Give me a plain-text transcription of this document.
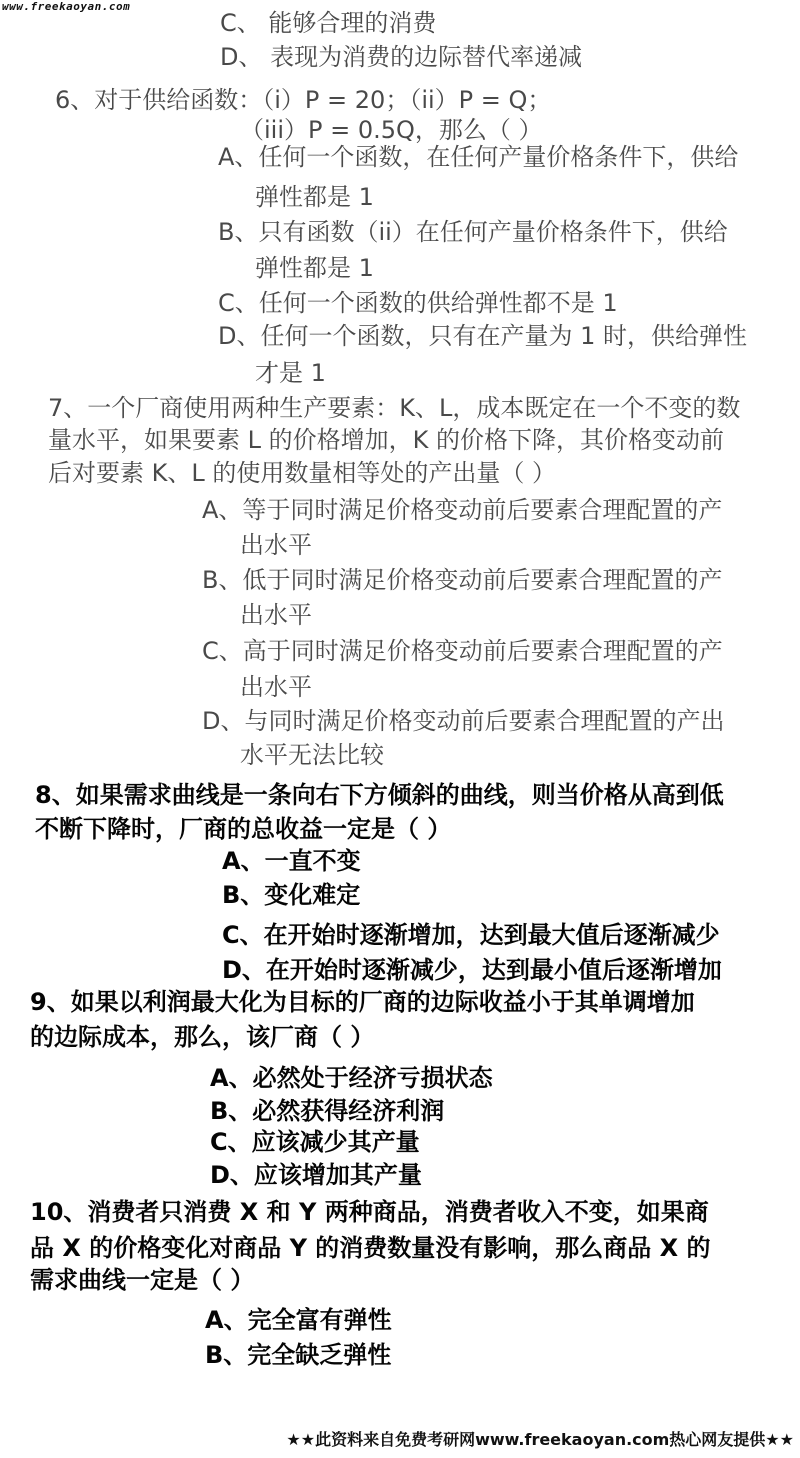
www.freekaoyan.com
C、 能够合理的消费
D、 表现为消费的边际替代率递减
6、对于供给函数：（i）P = 20；（ii）P = Q；
（iii）P = 0.5Q，那么（ ）
A、任何一个函数，在任何产量价格条件下，供给
弹性都是 1
B、只有函数（ii）在任何产量价格条件下，供给
弹性都是 1
C、任何一个函数的供给弹性都不是 1
D、任何一个函数，只有在产量为 1 时，供给弹性
才是 1
7、一个厂商使用两种生产要素：K、L，成本既定在一个不变的数
量水平，如果要素 L 的价格增加，K 的价格下降，其价格变动前
后对要素 K、L 的使用数量相等处的产出量（ ）
A、等于同时满足价格变动前后要素合理配置的产
出水平
B、低于同时满足价格变动前后要素合理配置的产
出水平
C、高于同时满足价格变动前后要素合理配置的产
出水平
D、与同时满足价格变动前后要素合理配置的产出
水平无法比较
8、如果需求曲线是一条向右下方倾斜的曲线，则当价格从高到低
不断下降时，厂商的总收益一定是（ ）
A、一直不变
B、变化难定
C、在开始时逐渐增加，达到最大值后逐渐减少
D、在开始时逐渐减少，达到最小值后逐渐增加
9、如果以利润最大化为目标的厂商的边际收益小于其单调增加
的边际成本，那么，该厂商（ ）
A、必然处于经济亏损状态
B、必然获得经济利润
C、应该减少其产量
D、应该增加其产量
10、消费者只消费 X 和 Y 两种商品，消费者收入不变，如果商
品 X 的价格变化对商品 Y 的消费数量没有影响，那么商品 X 的
需求曲线一定是（ ）
A、完全富有弹性
B、完全缺乏弹性
★★此资料来自免费考研网www.freekaoyan.com热心网友提供★★
